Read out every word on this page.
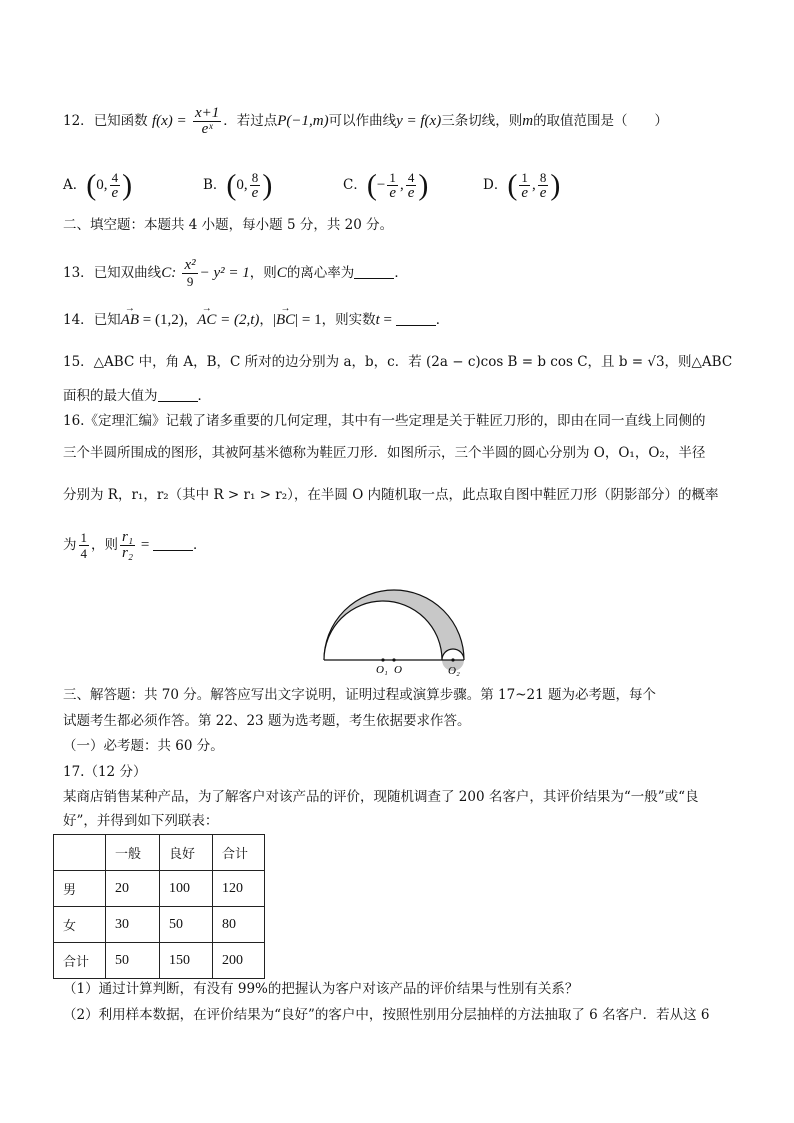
12．已知函数 $f(x) = \frac{x+1}{\text{eˣ}}$ ．若过点P(−1,m)可以作曲线y = f(x)三条切线，则m的取值范围是（　　）
A．(0, $\frac{4}{e}$ )	B．(0, $\frac{8}{e}$ )	C．(− $\frac{1}{e}$ , $\frac{4}{e}$ )	D．( $\frac{1}{e}$ , $\frac{8}{e}$ )
二、填空题：本题共 4 小题，每小题 5 分，共 20 分。
13．已知双曲线C: $\frac{\text{x²}}{9} - y^2 = 1$，则C的离心率为	．
14．已知→ AB = (1,2)，→ AC = (2,t)，|→ BC| = 1，则实数t =	．
15．△ABC 中，角 A，B，C 所对的边分别为 a，b，c．若 (2a − c)cos B = b cos C，且 b = √3，则△ABC
面积的最大值为	．
16.《定理汇编》记载了诸多重要的几何定理，其中有一些定理是关于鞋匠刀形的，即由在同一直线上同侧的
三个半圆所围成的图形，其被阿基米德称为鞋匠刀形．如图所示，三个半圆的圆心分别为 O，O₁，O₂，半径
分别为 R，r₁，r₂（其中 R > r₁ > r₂），在半圆 O 内随机取一点，此点取自图中鞋匠刀形（阴影部分）的概率
为 $\frac{1}{4}$ ，则 $\frac{\text{r₁}}{\text{r₂}}$ =	．
O₁ O	O₂
三、解答题：共 70 分。解答应写出文字说明，证明过程或演算步骤。第 17~21 题为必考题，每个
试题考生都必须作答。第 22、23 题为选考题，考生依据要求作答。
（一）必考题：共 60 分。
17.（12 分）
某商店销售某种产品，为了解客户对该产品的评价，现随机调查了 200 名客户，其评价结果为“一般”或“良
好”，并得到如下列联表：
	一般	良好	合计
男	20	100	120
女	30	50	80
合计	50	150	200
（1）通过计算判断，有没有 99%的把握认为客户对该产品的评价结果与性别有关系？
（2）利用样本数据，在评价结果为“良好”的客户中，按照性别用分层抽样的方法抽取了 6 名客户．若从这 6
